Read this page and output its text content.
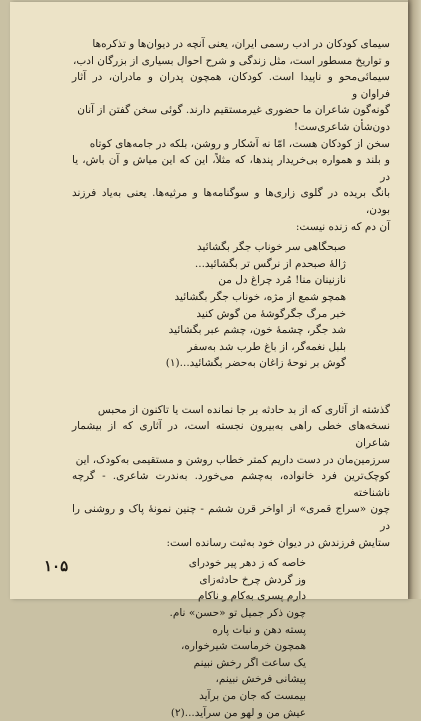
سیمای کودکان در ادب رسمی ایران، یعنی آنچه در دیوان‌ها و تذکره‌ها

و تواریخ مسطور است، مثل زندگی و شرح احوال بسیاری از بزرگان ادب،

سیمائی‌محو و ناپیدا است. کودکان، همچون پدران و مادران، در آثار فراوان و

گونه‌گون شاعران ما حضوری غیرمستقیم دارند. گوئی سخن گفتن از آنان

دون‌شأن شاعری‌ست!

سخن از کودکان هست، امّا نه آشکار و روشن، بلکه در جامه‌های کوتاه

و بلند و همواره بی‌خریدار پندها، که مثلاً، این که این میاش و آن باش، یا در

بانگ بریده در گلوی زاری‌ها و سوگنامه‌ها و مرثیه‌ها. یعنی به‌یاد فرزند بودن،

آن دم که زنده نیست:

صبحگاهی سر خوناب جگر بگشائید
ژالهٔ صبحدم از نرگس تر بگشائید...
نازنینان منا! مُرد چراغ دل من
همچو شمع از مژه، خوناب جگر بگشائید
خبر مرگ جگرگوشهٔ من گوش کنید
شد جگر، چشمهٔ خون، چشم عبر بگشائید
بلبل نغمه‌گر، از باغ طرب شد به‌سفر
گوش بر نوحهٔ زاغان به‌حضر بگشائید...(۱)

گذشته از آثاری که از بد حادثه بر جا نمانده است یا تاکنون از محبس

نسخه‌های خطی راهی به‌بیرون نجسته است، در آثاری که از بیشمار شاعران

سرزمین‌مان در دست داریم کمتر خطاب روشن و مستقیمی به‌کودک، این

کوچک‌ترین فرد خانواده، به‌چشم می‌خورد. به‌ندرت شاعری. - گرچه ناشناخته

چون «سراج قمری» از اواخر قرن ششم - چنین نمونهٔ پاک و روشنی را در

ستایش فرزندش در دیوان خود به‌ثبت رسانده است:

خاصه که ز دهر پیر خودرای
وز گردش چرخ حادثه‌زای
دارم پسری به‌کام و ناکام
چون ذکر جمیل تو «حسن» نام.
پسته دهن و نبات پاره
همچون خرماست شیرخواره،
یک ساعت اگر رخش نبینم
پیشانی فرخش نبینم،
بیمست که جان من برآید
عیش من و لهو من سرآید...(۲)
۱۰۵
